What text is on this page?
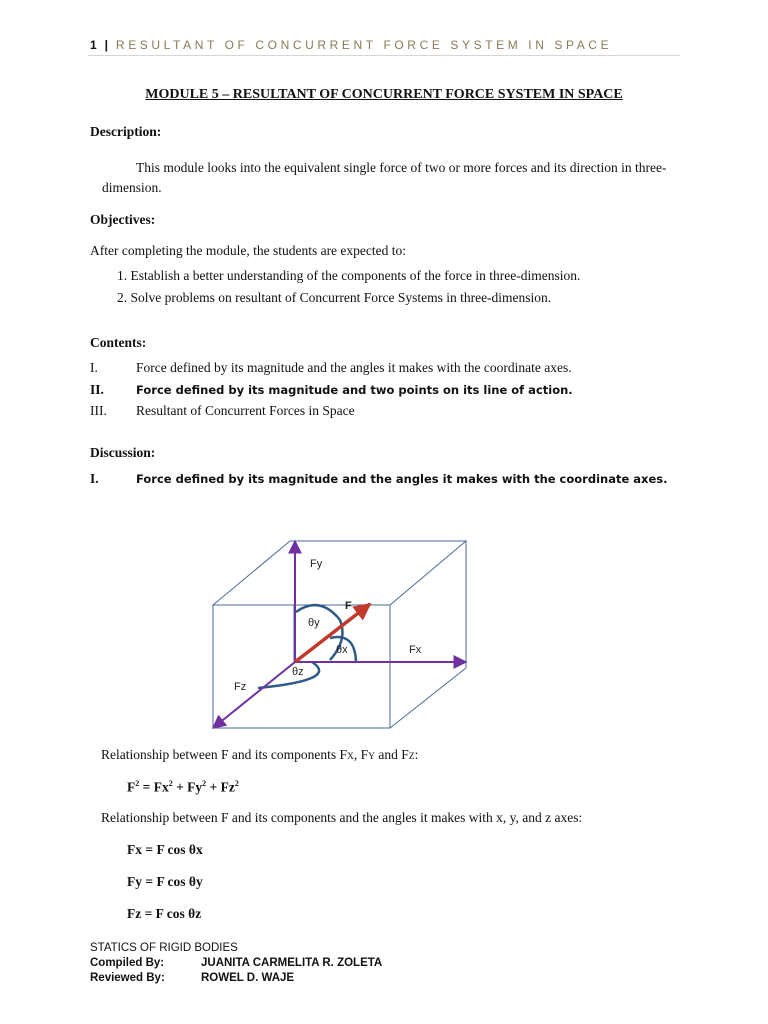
1 | RESULTANT OF CONCURRENT FORCE SYSTEM IN SPACE
MODULE 5 – RESULTANT OF CONCURRENT FORCE SYSTEM IN SPACE
Description:
This module looks into the equivalent single force of two or more forces and its direction in three-
dimension.
Objectives:
After completing the module, the students are expected to:
1. Establish a better understanding of the components of the force in three-dimension.
2. Solve problems on resultant of Concurrent Force Systems in three-dimension.
Contents:
I.	Force defined by its magnitude and the angles it makes with the coordinate axes.
II.	Force defined by its magnitude and two points on its line of action.
III. Resultant of Concurrent Forces in Space
Discussion:
I.	Force defined by its magnitude and the angles it makes with the coordinate axes.
Fy
Fx
Fz
F
θy
θx
θz
Relationship between F and its components FX, FY and FZ:
$F^2 = Fx^2 + Fy^2 + Fz^2$
Relationship between F and its components and the angles it makes with x, y, and z axes:
Fx = F cos θx
Fy = F cos θy
Fz = F cos θz
STATICS OF RIGID BODIES
Compiled By:	JUANITA CARMELITA R. ZOLETA
Reviewed By:	ROWEL D. WAJE
